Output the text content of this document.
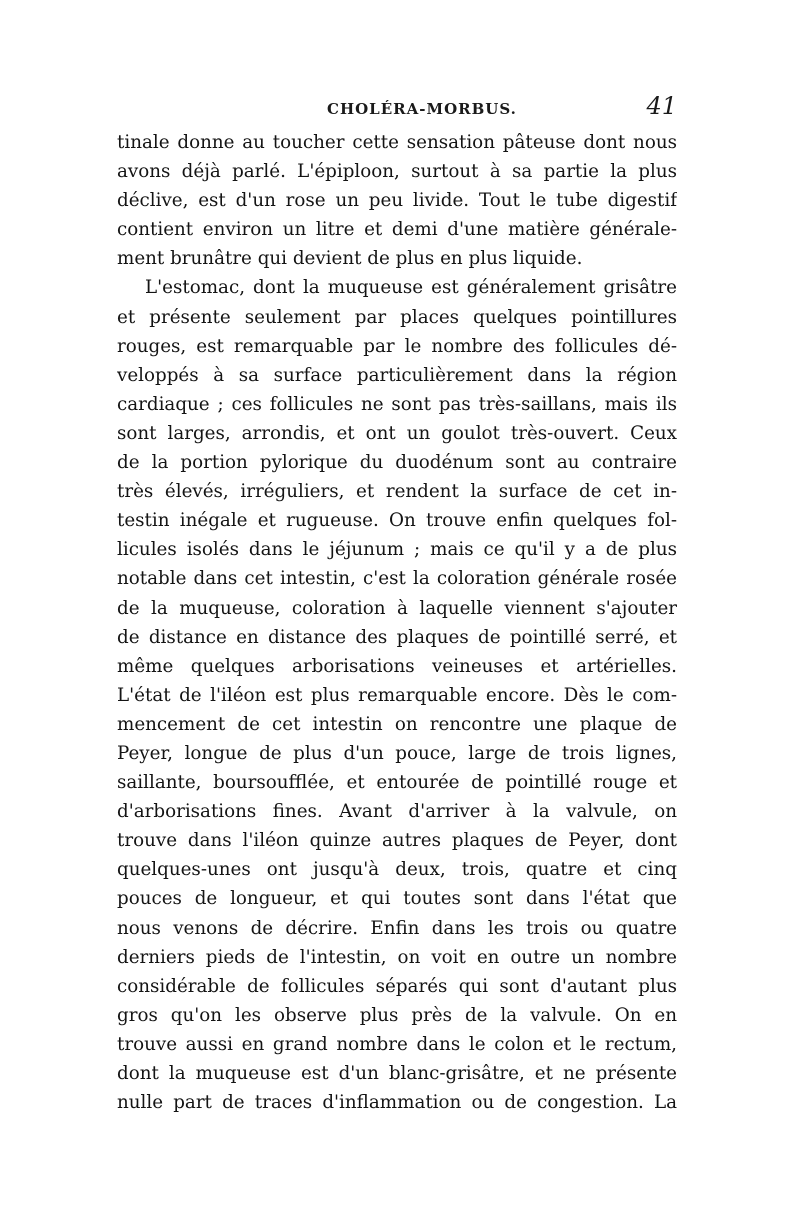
CHOLÉRA-MORBUS.	41
tinale donne au toucher cette sensation pâteuse dont nous
avons déjà parlé. L'épiploon, surtout à sa partie la plus
déclive, est d'un rose un peu livide. Tout le tube digestif
contient environ un litre et demi d'une matière générale-
ment brunâtre qui devient de plus en plus liquide.
L'estomac, dont la muqueuse est généralement grisâtre
et présente seulement par places quelques pointillures
rouges, est remarquable par le nombre des follicules dé-
veloppés à sa surface particulièrement dans la région
cardiaque ; ces follicules ne sont pas très-saillans, mais ils
sont larges, arrondis, et ont un goulot très-ouvert. Ceux
de la portion pylorique du duodénum sont au contraire
très élevés, irréguliers, et rendent la surface de cet in-
testin inégale et rugueuse. On trouve enfin quelques fol-
licules isolés dans le jéjunum ; mais ce qu'il y a de plus
notable dans cet intestin, c'est la coloration générale rosée
de la muqueuse, coloration à laquelle viennent s'ajouter
de distance en distance des plaques de pointillé serré, et
même quelques arborisations veineuses et artérielles.
L'état de l'iléon est plus remarquable encore. Dès le com-
mencement de cet intestin on rencontre une plaque de
Peyer, longue de plus d'un pouce, large de trois lignes,
saillante, boursoufflée, et entourée de pointillé rouge et
d'arborisations fines. Avant d'arriver à la valvule, on
trouve dans l'iléon quinze autres plaques de Peyer, dont
quelques-unes ont jusqu'à deux, trois, quatre et cinq
pouces de longueur, et qui toutes sont dans l'état que
nous venons de décrire. Enfin dans les trois ou quatre
derniers pieds de l'intestin, on voit en outre un nombre
considérable de follicules séparés qui sont d'autant plus
gros qu'on les observe plus près de la valvule. On en
trouve aussi en grand nombre dans le colon et le rectum,
dont la muqueuse est d'un blanc-grisâtre, et ne présente
nulle part de traces d'inflammation ou de congestion. La
